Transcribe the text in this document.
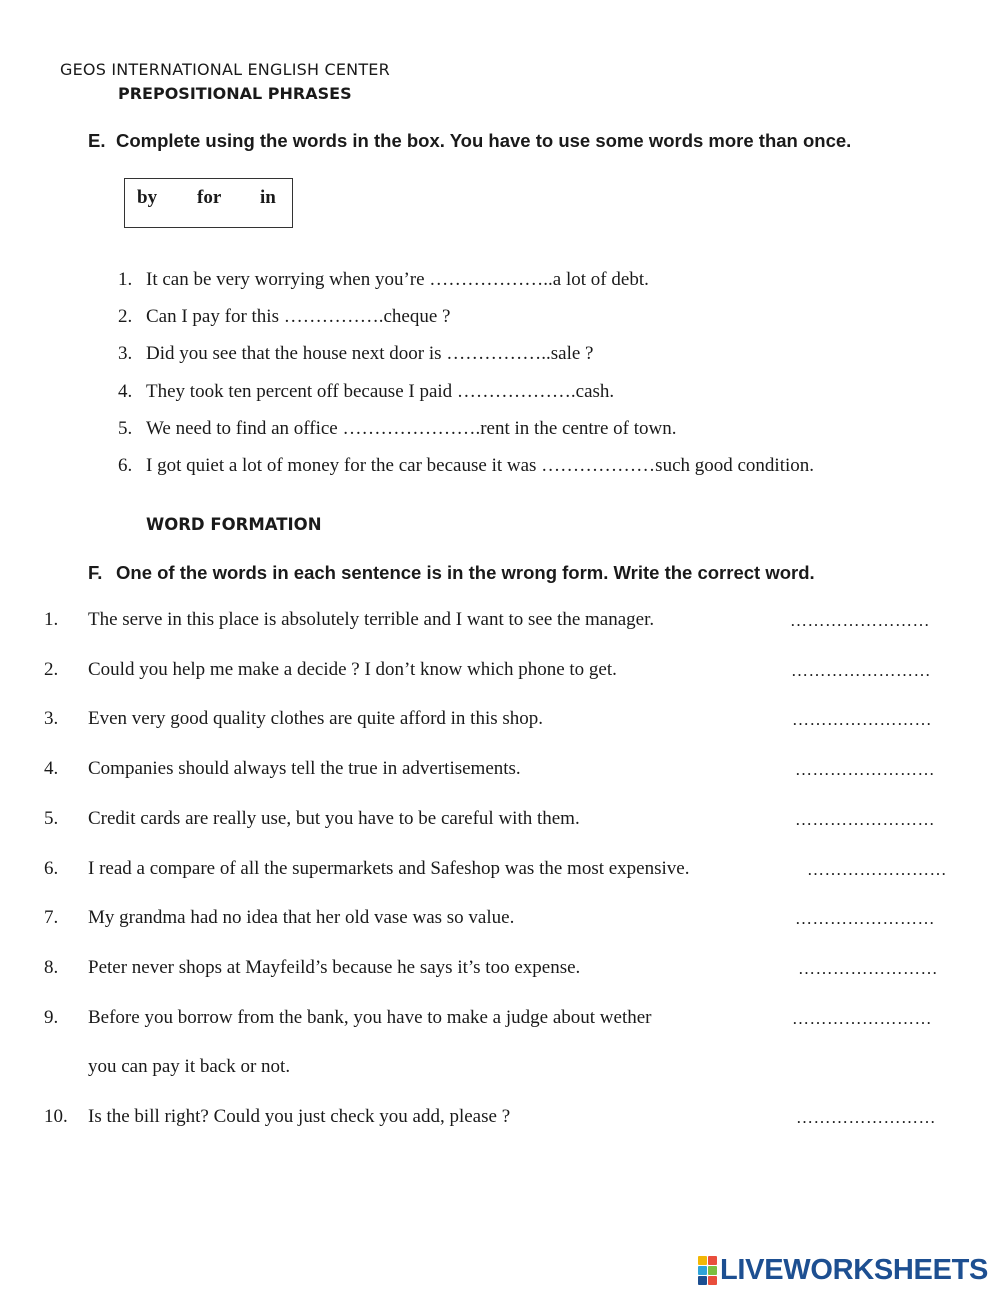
GEOS INTERNATIONAL ENGLISH CENTER
PREPOSITIONAL PHRASES
E. Complete using the words in the box. You have to use some words more than once.
by for in
1. It can be very worrying when you’re ………………..a lot of debt.
2. Can I pay for this …………….cheque ?
3. Did you see that the house next door is ……………..sale ?
4. They took ten percent off because I paid ……………….cash.
5. We need to find an office ………………….rent in the centre of town.
6. I got quiet a lot of money for the car because it was ………………such good condition.
WORD FORMATION
F. One of the words in each sentence is in the wrong form. Write the correct word.
1.	The serve in this place is absolutely terrible and I want to see the manager.	……………………
2.	Could you help me make a decide ? I don’t know which phone to get.	……………………
3.	Even very good quality clothes are quite afford in this shop.	……………………
4.	Companies should always tell the true in advertisements.	……………………
5.	Credit cards are really use, but you have to be careful with them.	……………………
6.	I read a compare of all the supermarkets and Safeshop was the most expensive.	……………………
7.	My grandma had no idea that her old vase was so value.	……………………
8.	Peter never shops at Mayfeild’s because he says it’s too expense.	……………………
9.	Before you borrow from the bank, you have to make a judge about wether	……………………
you can pay it back or not.
10.	Is the bill right? Could you just check you add, please ?	……………………
LIVEWORKSHEETS
